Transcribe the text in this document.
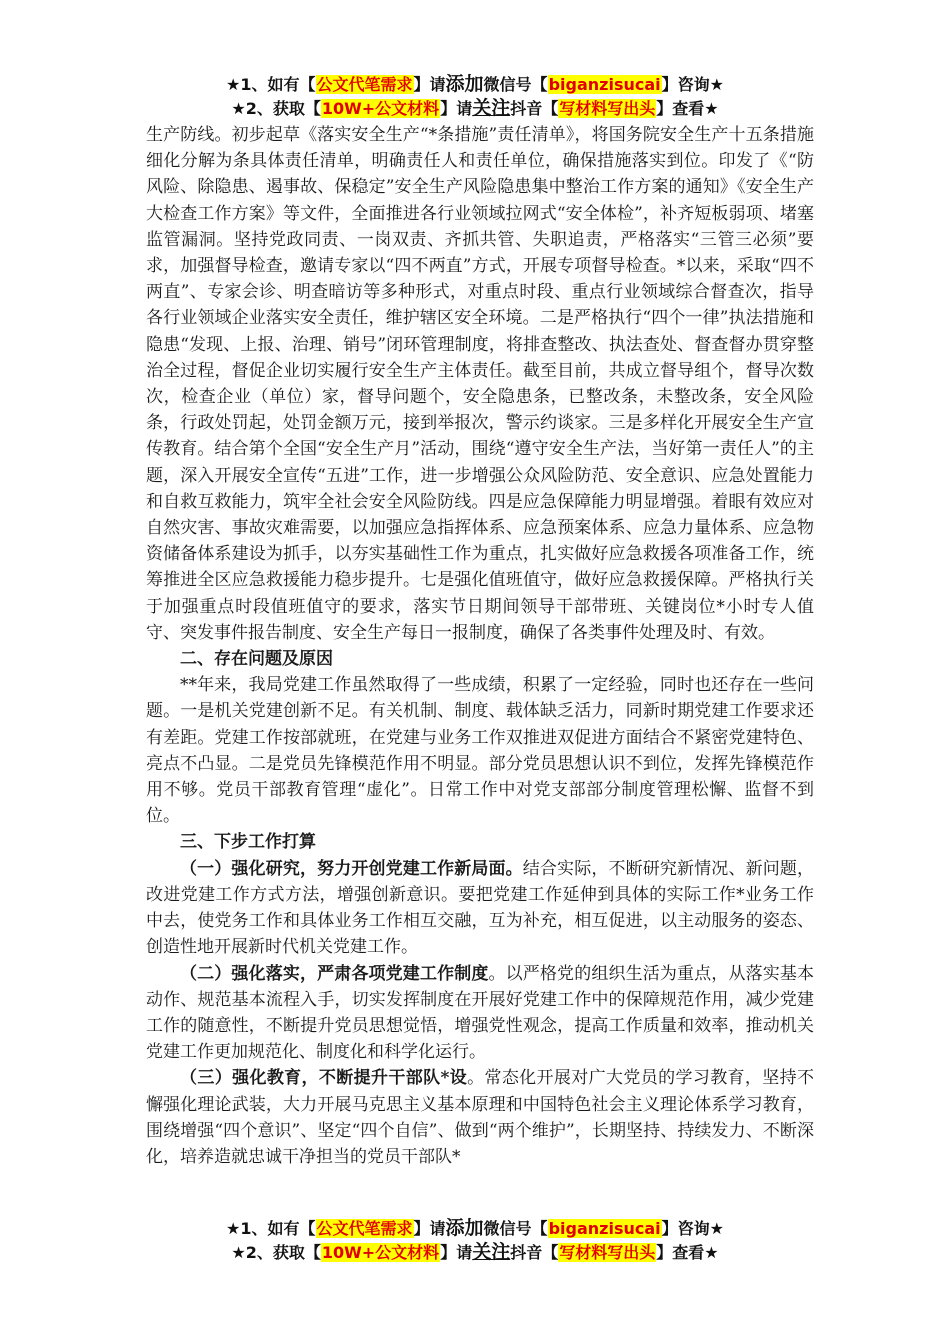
★1、如有【公文代笔需求】请添加微信号【biganzisucai】咨询★
★2、获取【10W+公文材料】请关注抖音【写材料写出头】查看★

生产防线。初步起草《落实安全生产“*条措施”责任清单》，将国务院安全生产十五条措施细化分解为条具体责任清单，明确责任人和责任单位，确保措施落实到位。印发了《“防风险、除隐患、遏事故、保稳定”安全生产风险隐患集中整治工作方案的通知》《安全生产大检查工作方案》等文件，全面推进各行业领域拉网式“安全体检”，补齐短板弱项、堵塞监管漏洞。坚持党政同责、一岗双责、齐抓共管、失职追责，严格落实“三管三必须”要求，加强督导检查，邀请专家以“四不两直”方式，开展专项督导检查。*以来，采取“四不两直”、专家会诊、明查暗访等多种形式，对重点时段、重点行业领域综合督查次，指导各行业领域企业落实安全责任，维护辖区安全环境。二是严格执行“四个一律”执法措施和隐患“发现、上报、治理、销号”闭环管理制度，将排查整改、执法查处、督查督办贯穿整治全过程，督促企业切实履行安全生产主体责任。截至目前，共成立督导组个，督导次数次，检查企业（单位）家，督导问题个，安全隐患条，已整改条，未整改条，安全风险条，行政处罚起，处罚金额万元，接到举报次，警示约谈家。三是多样化开展安全生产宣传教育。结合第个全国“安全生产月”活动，围绕“遵守安全生产法，当好第一责任人”的主题，深入开展安全宣传“五进”工作，进一步增强公众风险防范、安全意识、应急处置能力和自救互救能力，筑牢全社会安全风险防线。四是应急保障能力明显增强。着眼有效应对自然灾害、事故灾难需要，以加强应急指挥体系、应急预案体系、应急力量体系、应急物资储备体系建设为抓手，以夯实基础性工作为重点，扎实做好应急救援各项准备工作，统筹推进全区应急救援能力稳步提升。七是强化值班值守，做好应急救援保障。严格执行关于加强重点时段值班值守的要求，落实节日期间领导干部带班、关键岗位*小时专人值守、突发事件报告制度、安全生产每日一报制度，确保了各类事件处理及时、有效。

二、存在问题及原因

**年来，我局党建工作虽然取得了一些成绩，积累了一定经验，同时也还存在一些问题。一是机关党建创新不足。有关机制、制度、载体缺乏活力，同新时期党建工作要求还有差距。党建工作按部就班，在党建与业务工作双推进双促进方面结合不紧密党建特色、亮点不凸显。二是党员先锋模范作用不明显。部分党员思想认识不到位，发挥先锋模范作用不够。党员干部教育管理“虚化”。日常工作中对党支部部分制度管理松懈、监督不到位。

三、下步工作打算

（一）强化研究，努力开创党建工作新局面。结合实际，不断研究新情况、新问题，改进党建工作方式方法，增强创新意识。要把党建工作延伸到具体的实际工作*业务工作中去，使党务工作和具体业务工作相互交融，互为补充，相互促进，以主动服务的姿态、创造性地开展新时代机关党建工作。

（二）强化落实，严肃各项党建工作制度。以严格党的组织生活为重点，从落实基本动作、规范基本流程入手，切实发挥制度在开展好党建工作中的保障规范作用，减少党建工作的随意性，不断提升党员思想觉悟，增强党性观念，提高工作质量和效率，推动机关党建工作更加规范化、制度化和科学化运行。

（三）强化教育，不断提升干部队*设。常态化开展对广大党员的学习教育，坚持不懈强化理论武装，大力开展马克思主义基本原理和中国特色社会主义理论体系学习教育，围绕增强“四个意识”、坚定“四个自信”、做到“两个维护”，长期坚持、持续发力、不断深化，培养造就忠诚干净担当的党员干部队*

★1、如有【公文代笔需求】请添加微信号【biganzisucai】咨询★
★2、获取【10W+公文材料】请关注抖音【写材料写出头】查看★
